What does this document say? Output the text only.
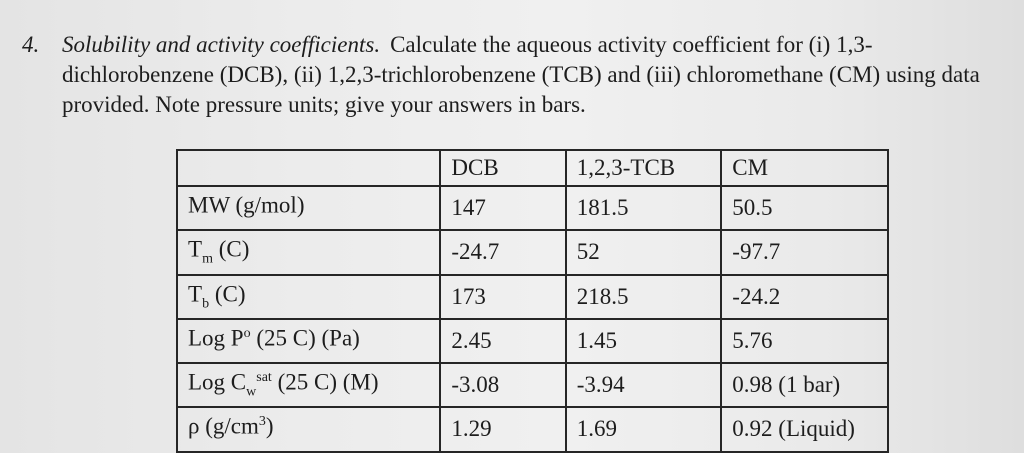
4. Solubility and activity coefficients. Calculate the aqueous activity coefficient for (i) 1,3-dichlorobenzene (DCB), (ii) 1,2,3-trichlorobenzene (TCB) and (iii) chloromethane (CM) using data provided. Note pressure units; give your answers in bars.
	DCB	1,2,3-TCB	CM
MW (g/mol)	147	181.5	50.5
$T_m$ (C)	-24.7	52	-97.7
$T_b$ (C)	173	218.5	-24.2
Log $P^o$ (25 C) (Pa)	2.45	1.45	5.76
Log $C_w^{sat}$ (25 C) (M)	-3.08	-3.94	0.98 (1 bar)
ρ $(g/cm^3)$	1.29	1.69	0.92 (Liquid)
